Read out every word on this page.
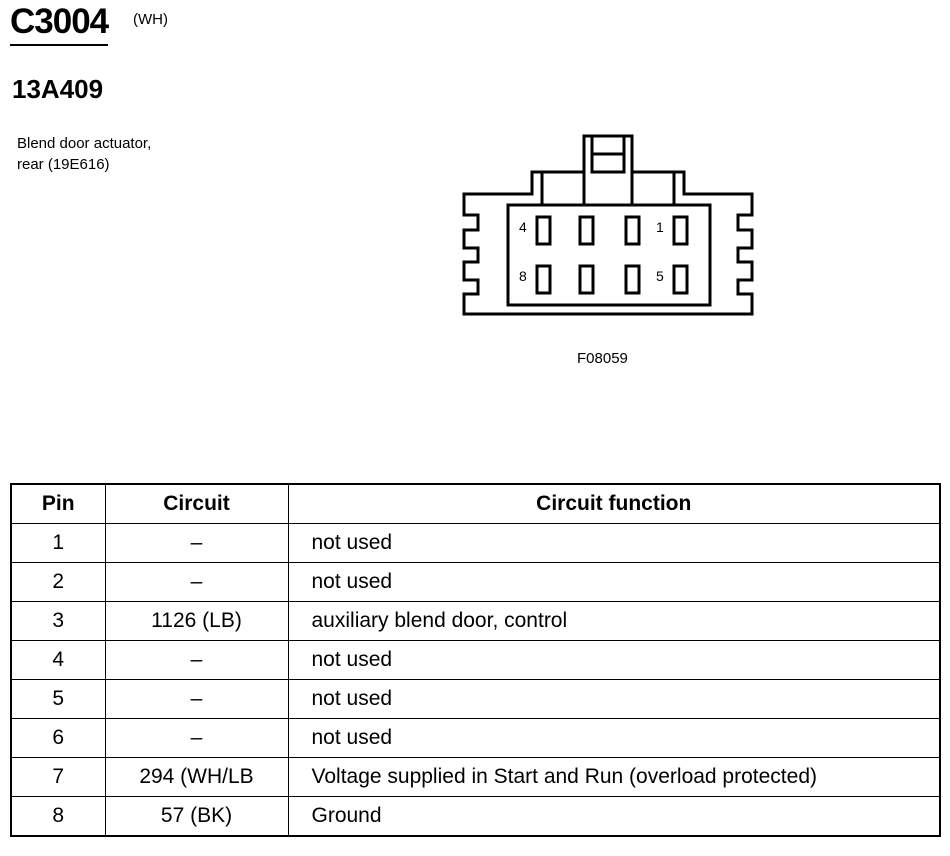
C3004 (WH)
13A409
Blend door actuator,
rear (19E616)
4	1
8	5
F08059
Pin	Circuit	Circuit function
1	–	not used
2	–	not used
3	1126 (LB)	auxiliary blend door, control
4	–	not used
5	–	not used
6	–	not used
7	294 (WH/LB	Voltage supplied in Start and Run (overload protected)
8	57 (BK)	Ground
